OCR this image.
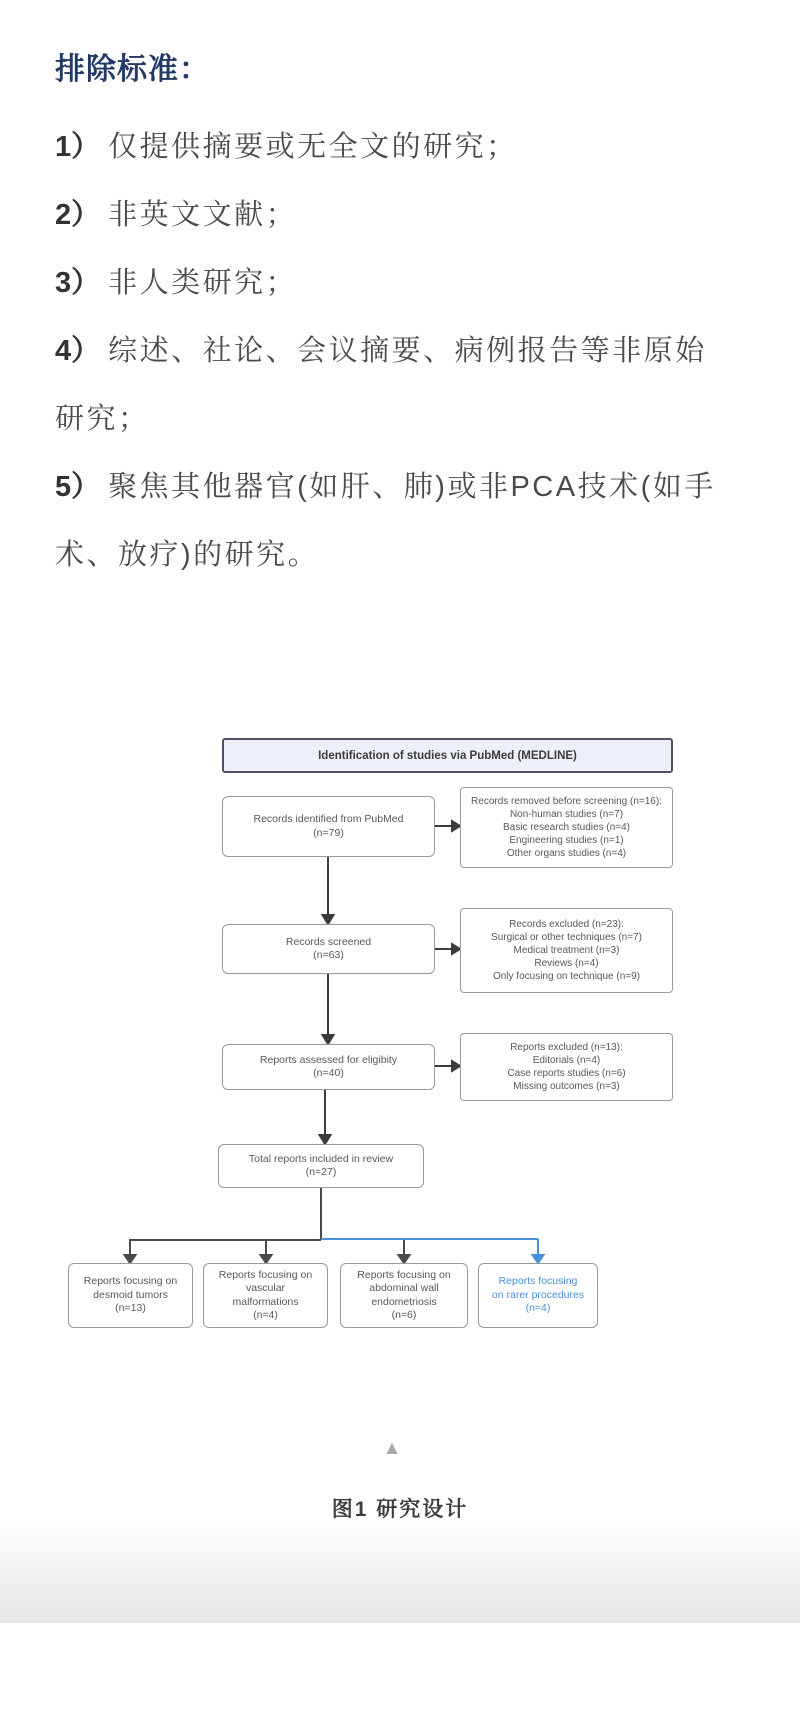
排除标准：
1） 仅提供摘要或无全文的研究；
2） 非英文文献；
3） 非人类研究；
4） 综述、社论、会议摘要、病例报告等非原始
研究；
5） 聚焦其他器官(如肝、肺)或非PCA技术(如手
术、放疗)的研究。
Identification of studies via PubMed (MEDLINE)
Records identified from PubMed
(n=79)
Records removed before screening (n=16):
Non-human studies (n=7)
Basic research studies (n=4)
Engineering studies (n=1)
Other organs studies (n=4)
Records screened
(n=63)
Records excluded (n=23):
Surgical or other techniques (n=7)
Medical treatment (n=3)
Reviews (n=4)
Only focusing on technique (n=9)
Reports assessed for eligibity
(n=40)
Reports excluded (n=13):
Editorials (n=4)
Case reports studies (n=6)
Missing outcomes (n=3)
Total reports included in review
(n=27)
Reports focusing on
desmoid tumors
(n=13)
Reports focusing on
vascular
malformations
(n=4)
Reports focusing on
abdominal wall
endometriosis
(n=6)
Reports focusing
on rarer procedures
(n=4)
▲
图1 研究设计
